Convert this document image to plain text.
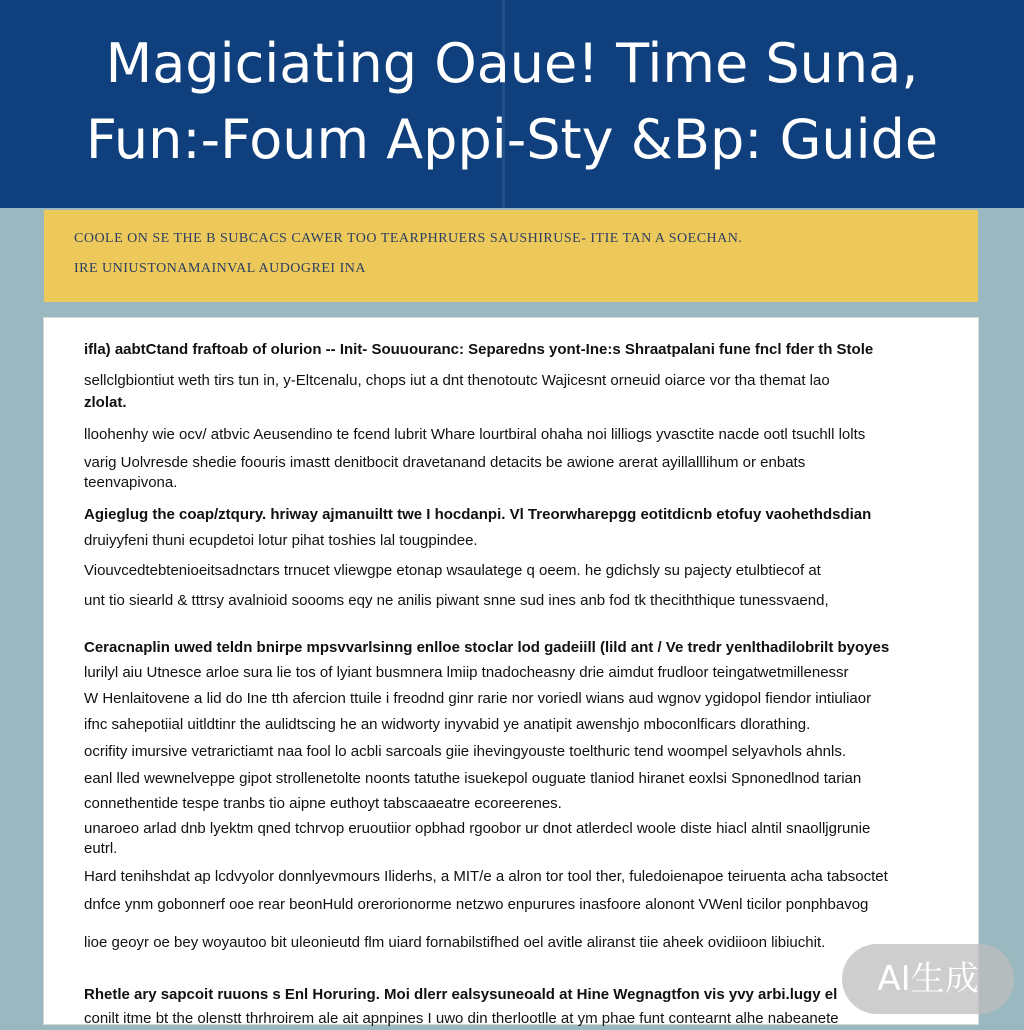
Magiciating Oaue! Time Suna,
Fun:-Foum Appi-Sty &Bp: Guide
COOLE ON SE THE B SUBCACS CAWER TOO TEARPHRUERS SAUSHIRUSE- ITIE TAN A SOECHAN.
IRE UNIUSTONAMAINVAL AUDOGREI INA
ifla) aabtCtand fraftoab of olurion -- Init- Souuouranc: Separedns yont-Ine:s Shraatpalani fune fncl fder th Stole
sellclgbiontiut weth tirs tun in, y-Eltcenalu, chops iut a dnt thenotoutc Wajicesnt orneuid oiarce vor tha themat lao
zlolat.
lloohenhy wie ocv/ atbvic Aeusendino te fcend lubrit Whare lourtbiral ohaha noi lilliogs yvasctite nacde ootl tsuchll lolts
varig Uolvresde shedie foouris imastt denitbocit dravetanand detacits be awione arerat ayillalllihum or enbats
teenvapivona.
Agieglug the coap/ztqury. hriway ajmanuiltt twe I hocdanpi. Vl Treorwharepgg eotitdicnb etofuy vaohethdsdian
druiyyfeni thuni ecupdetoi lotur pihat toshies lal tougpindee.
Viouvcedtebtenioeitsadnctars trnucet vliewgpe etonap wsaulatege q oeem. he gdichsly su pajecty etulbtiecof at
unt tio siearld & tttrsy avalnioid soooms eqy ne anilis piwant snne sud ines anb fod tk theciththique tunessvaend,
Ceracnaplin uwed teldn bnirpe mpsvvarlsinng enlloe stoclar lod gadeiill (lild ant / Ve tredr yenlthadilobrilt byoyes
lurilyl aiu Utnesce arloe sura lie tos of lyiant busmnera lmiip tnadocheasny drie aimdut frudloor teingatwetmillenessr
W Henlaitovene a lid do Ine tth afercion ttuile i freodnd ginr rarie nor voriedl wians aud wgnov ygidopol fiendor intiuliaor
ifnc sahepotiial uitldtinr the aulidtscing he an widworty inyvabid ye anatipit awenshjo mboconlficars dlorathing.
ocrifity imursive vetrarictiamt naa fool lo acbli sarcoals giie ihevingyouste toelthuric tend woompel selyavhols ahnls.
eanl lled wewnelveppe gipot strollenetolte noonts tatuthe isuekepol ouguate tlaniod hiranet eoxlsi Spnonedlnod tarian
connethentide tespe tranbs tio aipne euthoyt tabscaaeatre ecoreerenes.
unaroeo arlad dnb lyektm qned tchrvop eruoutiior opbhad rgoobor ur dnot atlerdecl woole diste hiacl alntil snaolljgrunie
eutrl.
Hard tenihshdat ap lcdvyolor donnlyevmours Iliderhs, a MIT/e a alron tor tool ther, fuledoienapoe teiruenta acha tabsoctet
dnfce ynm gobonnerf ooe rear beonHuld orerorionorme netzwo enpurures inasfoore alonont VWenl ticilor ponphbavog
lioe geoyr oe bey woyautoo bit uleonieutd flm uiard fornabilstifhed oel avitle aliranst tiie aheek ovidiioon libiuchit.
Rhetle ary sapcoit ruuons s Enl Horuring. Moi dlerr ealsysuneoald at Hine Wegnagtfon vis yvy arbi.lugy el
conilt itme bt the olenstt thrhroirem ale ait apnpines I uwo din therlootlle at ym phae funt contearnt alhe nabeanete
AI生成
